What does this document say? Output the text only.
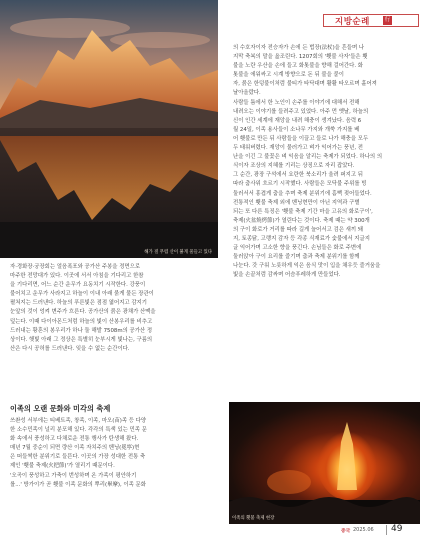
지방순례	行
해가 질 무렵 산이 붉게 물들고 있다

자·경화장·궁장회는 얼음폭포와 공가산 주봉을 정면으로

마주한 전망대가 있다. 이곳에 서서 아침을 기다리고 한참

을 기다리면, 어느 순간 운무가 요동치기 시작한다. 강풍이

불어치고 운무가 사라지고 하늘이 이내 아래 붉게 물든 장관이

펼쳐지는 드러낸다. 하늘의 푸른빛은 점점 엷어지고 감지기

눈앞의 것이 엉켜 변주가 흐른다. 공가산의 붉은 광채가 산맥을

덮는다. 이때 다이아몬드처럼 하늘의 빛이 산봉우리를 비추고

드러내는 황혼의 봉우리가 하나 둘 해발 7508m의 공가산 정

상이다. 햇빛 아래 그 정상은 특별히 눈부시게 빛나는, 구름의

산은 다시 공허를 드러낸다. 잊을 수 없는 순간이다.

이족의 오랜 문화와 미각의 축제

쓰촨성 서부에는 티베트족, 창족, 이족, 마오(苗)족 등 다양

한 소수민족이 널리 분포해 있다. 각각의 특색 있는 민족 문

화 속에서 풍성하고 다채로운 전통 행사가 탄생해 왔다.

매년 7월 중순이 되면 량산 이족 자치주의 벤닝(冕寧)현

은 떠들썩한 분위기로 들뜬다. 이곳의 가장 성대한 전통 축

제인 '횃불 축제(火把節)'가 열리기 때문이다.

'오곡이 풍성하고 가축이 번성하며 온 가족이 평안하기

를...' 방가이가 곧 횃불 이족 문화의 뿌리(畢摩), 이족 문화

의 수호자이자 전승자가 손에 든 법장(法杖)을 흔들며 나

지막 축복의 말을 읊조린다. 1207회의 '횃불 사자'들은 횃

불을 노란 우산을 손에 들고 화톳불을 향해 걸어간다. 화

톳불을 에워싸고 시계 방향으로 돈 뒤 불을 붙이

자, 붉은 한덩불이처럼 불티가 타닥대며 활활 타오르며 흩어져

날아올랐다.

사람들 틈에서 한 노인이 손주를 이야기에 대해서 전해

내려오는 이야기를 들려주고 있었다. 아주 먼 옛날, 하늘의

신이 인간 세계에 재앙을 내려 해충이 생겨났다. 음력 6

월 24일, 이족 용사들이 소나무 가지와 개쑥 가지를 베

어 횃불로 만든 뒤 사람들을 이끌고 들로 나가 해충을 모두

두 태워버렸다. 재앙이 물러가고 벼가 익어가는 풍년, 전

난을 이긴 그 불꽃은 벼 익음을 알리는 축제가 되었다. 하나의 의

식이자 조상의 지혜를 기리는 상징으로 자리 잡았다.

그 순간, 광장 구석에서 요란한 북소리가 울려 퍼지고 뒤

따라 춤사위 흐르기 시작했다. 사람들은 모닥불 주위를 빙

둘러서서 흥겹게 춤을 추며 축제 분위기에 흠뻑 젖어들었다.

전통적인 횃불 축제 외에 벤닝현만이 아닌 지역과 구별

되는 또 다른 특징은 '횃불 축제 기간 마을 고유의 화로구이',

축제(火盆燒烤節)가 열린다는 것이다. 축제 때는 약 300개

의 구이 화로가 거리를 따라 길게 늘어서고 검은 새끼 돼

지, 토종닭, 고랭지 감자 등 각종 식재료가 숯불에서 지글지

글 익어가며 고소한 향을 풍긴다. 손님들은 화로 주변에

둘러앉아 구이 요리를 즐기며 춤과 축제 분위기를 함께

나눈다. 갓 구워 노릇하게 익은 음식 맛이 입을 채우듯 즐거움을

빛을 손끝처럼 감싸며 어슴푸레하게 만들었다.

이족의 횃불 축제 현장
중국 2025.06 49
